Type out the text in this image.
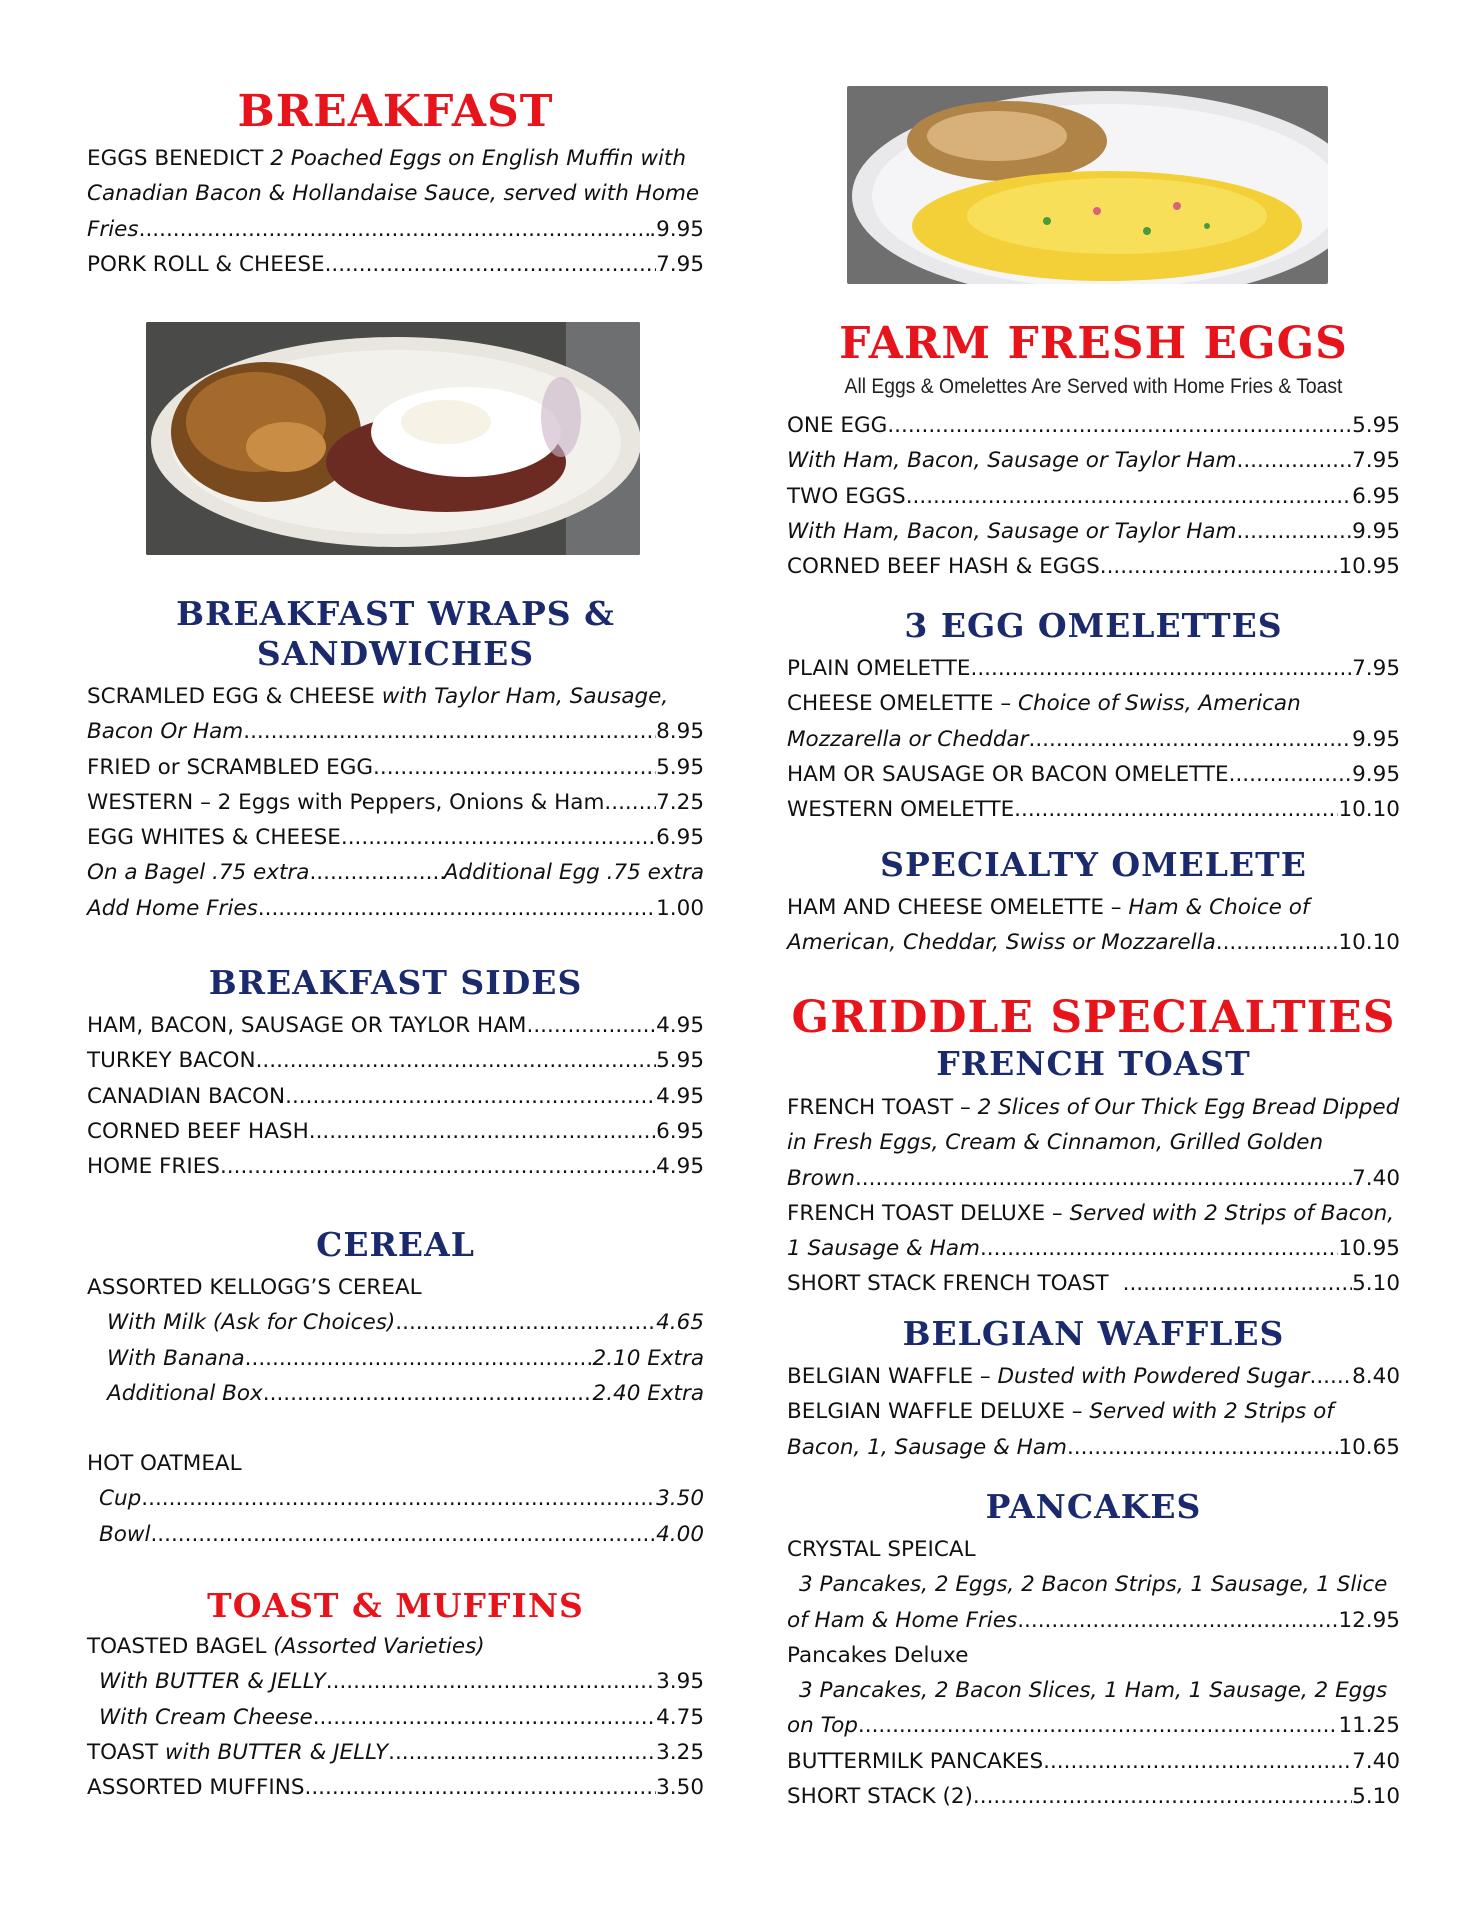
BREAKFAST
EGGS BENEDICT 2 Poached Eggs on English Muffin with
Canadian Bacon & Hollandaise Sauce, served with Home
Fries .....	.9.95
PORK ROLL & CHEESE .....	7.95
BREAKFAST WRAPS &
SANDWICHES
SCRAMLED EGG & CHEESE with Taylor Ham, Sausage,
Bacon Or Ham .....	8.95
FRIED or SCRAMBLED EGG .....	5.95
WESTERN – 2 Eggs with Peppers, Onions & Ham ..... 7.25
EGG WHITES & CHEESE .....	6.95
On a Bagel .75 extra .....	Additional Egg .75 extra
Add Home Fries .....	1.00
BREAKFAST SIDES
HAM, BACON, SAUSAGE OR TAYLOR HAM .....	4.95
TURKEY BACON .....	5.95
CANADIAN BACON .....	4.95
CORNED BEEF HASH .....	6.95
HOME FRIES .....	4.95
CEREAL
ASSORTED KELLOGG’S CEREAL
With Milk (Ask for Choices) .....	4.65
With Banana .....	2.10 Extra
Additional Box .....	2.40 Extra
HOT OATMEAL
Cup .....	3.50
Bowl .....	4.00
TOAST & MUFFINS
TOASTED BAGEL (Assorted Varieties)
With BUTTER & JELLY .....	3.95
With Cream Cheese .....	4.75
TOAST with BUTTER & JELLY .....	3.25
ASSORTED MUFFINS .....	3.50
FARM FRESH EGGS
All Eggs & Omelettes Are Served with Home Fries & Toast
ONE EGG .....	5.95
With Ham, Bacon, Sausage or Taylor Ham .....	7.95
TWO EGGS .....	6.95
With Ham, Bacon, Sausage or Taylor Ham .....	9.95
CORNED BEEF HASH & EGGS .....	10.95
3 EGG OMELETTES
PLAIN OMELETTE .....	7.95
CHEESE OMELETTE – Choice of Swiss, American
Mozzarella or Cheddar .....	9.95
HAM OR SAUSAGE OR BACON OMELETTE .....	9.95
WESTERN OMELETTE .....	10.10
SPECIALTY OMELETE
HAM AND CHEESE OMELETTE – Ham & Choice of
American, Cheddar, Swiss or Mozzarella .....	10.10
GRIDDLE SPECIALTIES
FRENCH TOAST
FRENCH TOAST – 2 Slices of Our Thick Egg Bread Dipped
in Fresh Eggs, Cream & Cinnamon, Grilled Golden
Brown .....	7.40
FRENCH TOAST DELUXE – Served with 2 Strips of Bacon,
1 Sausage & Ham .....	10.95
SHORT STACK FRENCH TOAST .....	5.10
BELGIAN WAFFLES
BELGIAN WAFFLE – Dusted with Powdered Sugar ..... 8.40
BELGIAN WAFFLE DELUXE – Served with 2 Strips of
Bacon, 1, Sausage & Ham .....	10.65
PANCAKES
CRYSTAL SPEICAL
3 Pancakes, 2 Eggs, 2 Bacon Strips, 1 Sausage, 1 Slice
of Ham & Home Fries .....	12.95
Pancakes Deluxe
3 Pancakes, 2 Bacon Slices, 1 Ham, 1 Sausage, 2 Eggs
on Top .....	11.25
BUTTERMILK PANCAKES .....	7.40
SHORT STACK (2) .....	5.10
